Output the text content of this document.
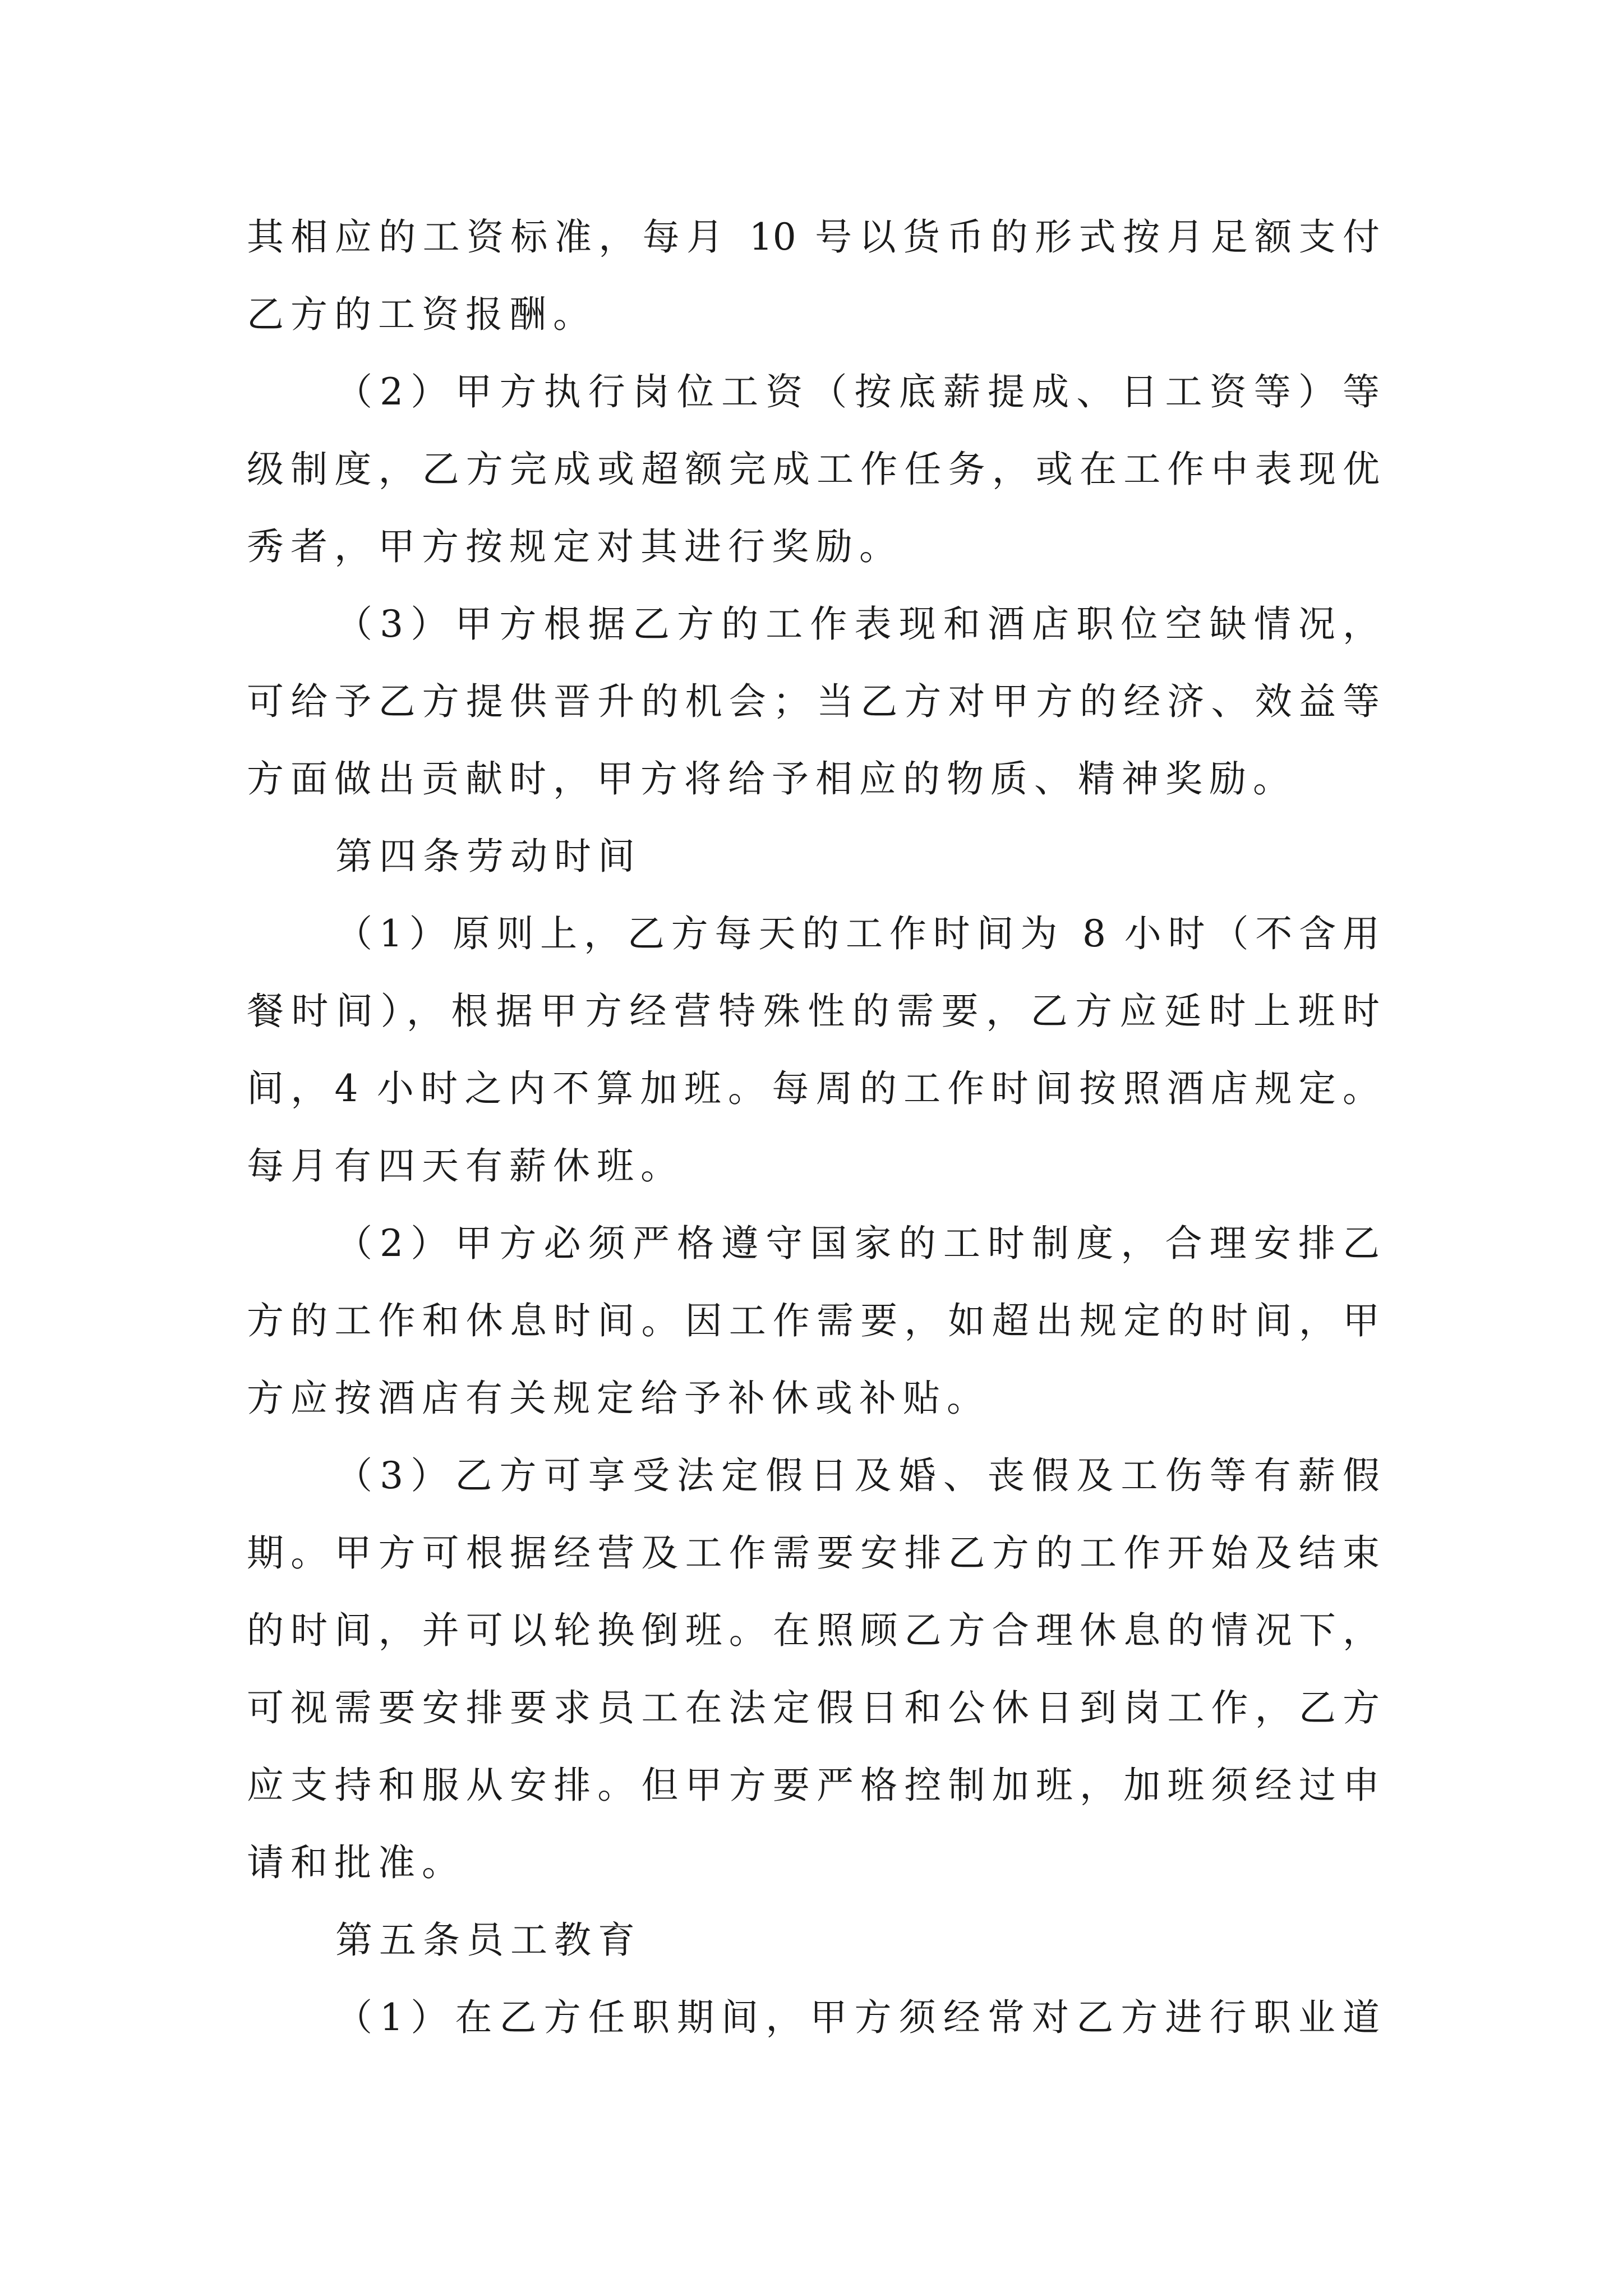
其相应的工资标准，每月 10 号以货币的形式按月足额支付
乙方的工资报酬。
（2）甲方执行岗位工资（按底薪提成、日工资等）等
级制度，乙方完成或超额完成工作任务，或在工作中表现优
秀者，甲方按规定对其进行奖励。
（3）甲方根据乙方的工作表现和酒店职位空缺情况，
可给予乙方提供晋升的机会；当乙方对甲方的经济、效益等
方面做出贡献时，甲方将给予相应的物质、精神奖励。
第四条劳动时间
（1）原则上，乙方每天的工作时间为 8 小时（不含用
餐时间），根据甲方经营特殊性的需要，乙方应延时上班时
间，4 小时之内不算加班。每周的工作时间按照酒店规定。
每月有四天有薪休班。
（2）甲方必须严格遵守国家的工时制度，合理安排乙
方的工作和休息时间。因工作需要，如超出规定的时间，甲
方应按酒店有关规定给予补休或补贴。
（3）乙方可享受法定假日及婚、丧假及工伤等有薪假
期。甲方可根据经营及工作需要安排乙方的工作开始及结束
的时间，并可以轮换倒班。在照顾乙方合理休息的情况下，
可视需要安排要求员工在法定假日和公休日到岗工作，乙方
应支持和服从安排。但甲方要严格控制加班，加班须经过申
请和批准。
第五条员工教育
（1）在乙方任职期间，甲方须经常对乙方进行职业道
